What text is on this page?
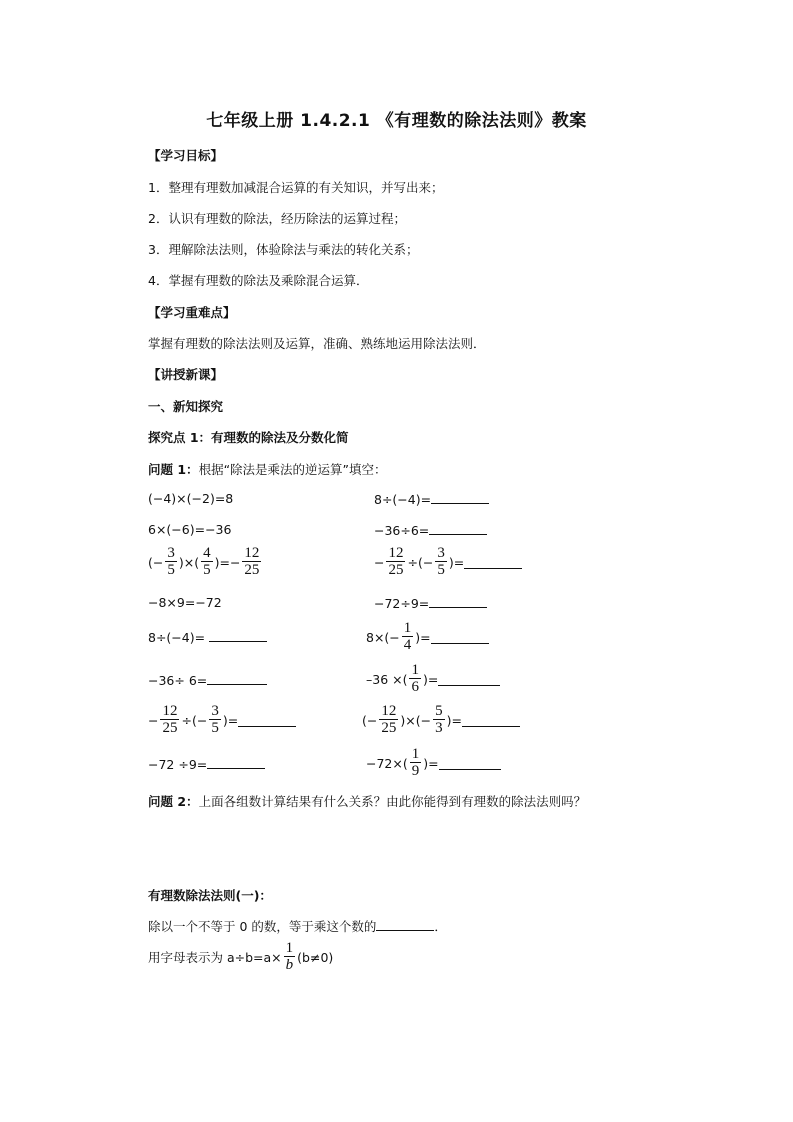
七年级上册 1.4.2.1 《有理数的除法法则》教案
【学习目标】
1．整理有理数加减混合运算的有关知识，并写出来；
2．认识有理数的除法，经历除法的运算过程；
3．理解除法法则，体验除法与乘法的转化关系；
4．掌握有理数的除法及乘除混合运算．
【学习重难点】
掌握有理数的除法法则及运算，准确、熟练地运用除法法则．
【讲授新课】
一、新知探究
探究点 1：有理数的除法及分数化简
问题 1：根据“除法是乘法的逆运算”填空：
(−4)×(−2)=8	8÷(−4)=
6×(−6)=−36	−36÷6=
(− $\frac{3}{5}$ )×( $\frac{4}{5}$ )=− $\frac{12}{25}$	− $\frac{12}{25}$ ÷(− $\frac{3}{5}$ )=
−8×9=−72	−72÷9=
8÷(−4)=	$8\times(- \frac{1}{4}$ )=
−36÷ 6=	–36 ×( $\frac{1}{6}$ )=
− $\frac{12}{25}$ ÷(− $\frac{3}{5}$ )=	(− $\frac{12}{25}$ )×(− $\frac{5}{3}$ )=
−72 ÷9=	$-72\times( \frac{1}{9}$ )=
问题 2：上面各组数计算结果有什么关系？由此你能得到有理数的除法法则吗？
有理数除法法则(一)：
除以一个不等于 0 的数，等于乘这个数的	．
用字母表示为 $a\div b=a\times \frac{1}{b} (b\ne 0)$
